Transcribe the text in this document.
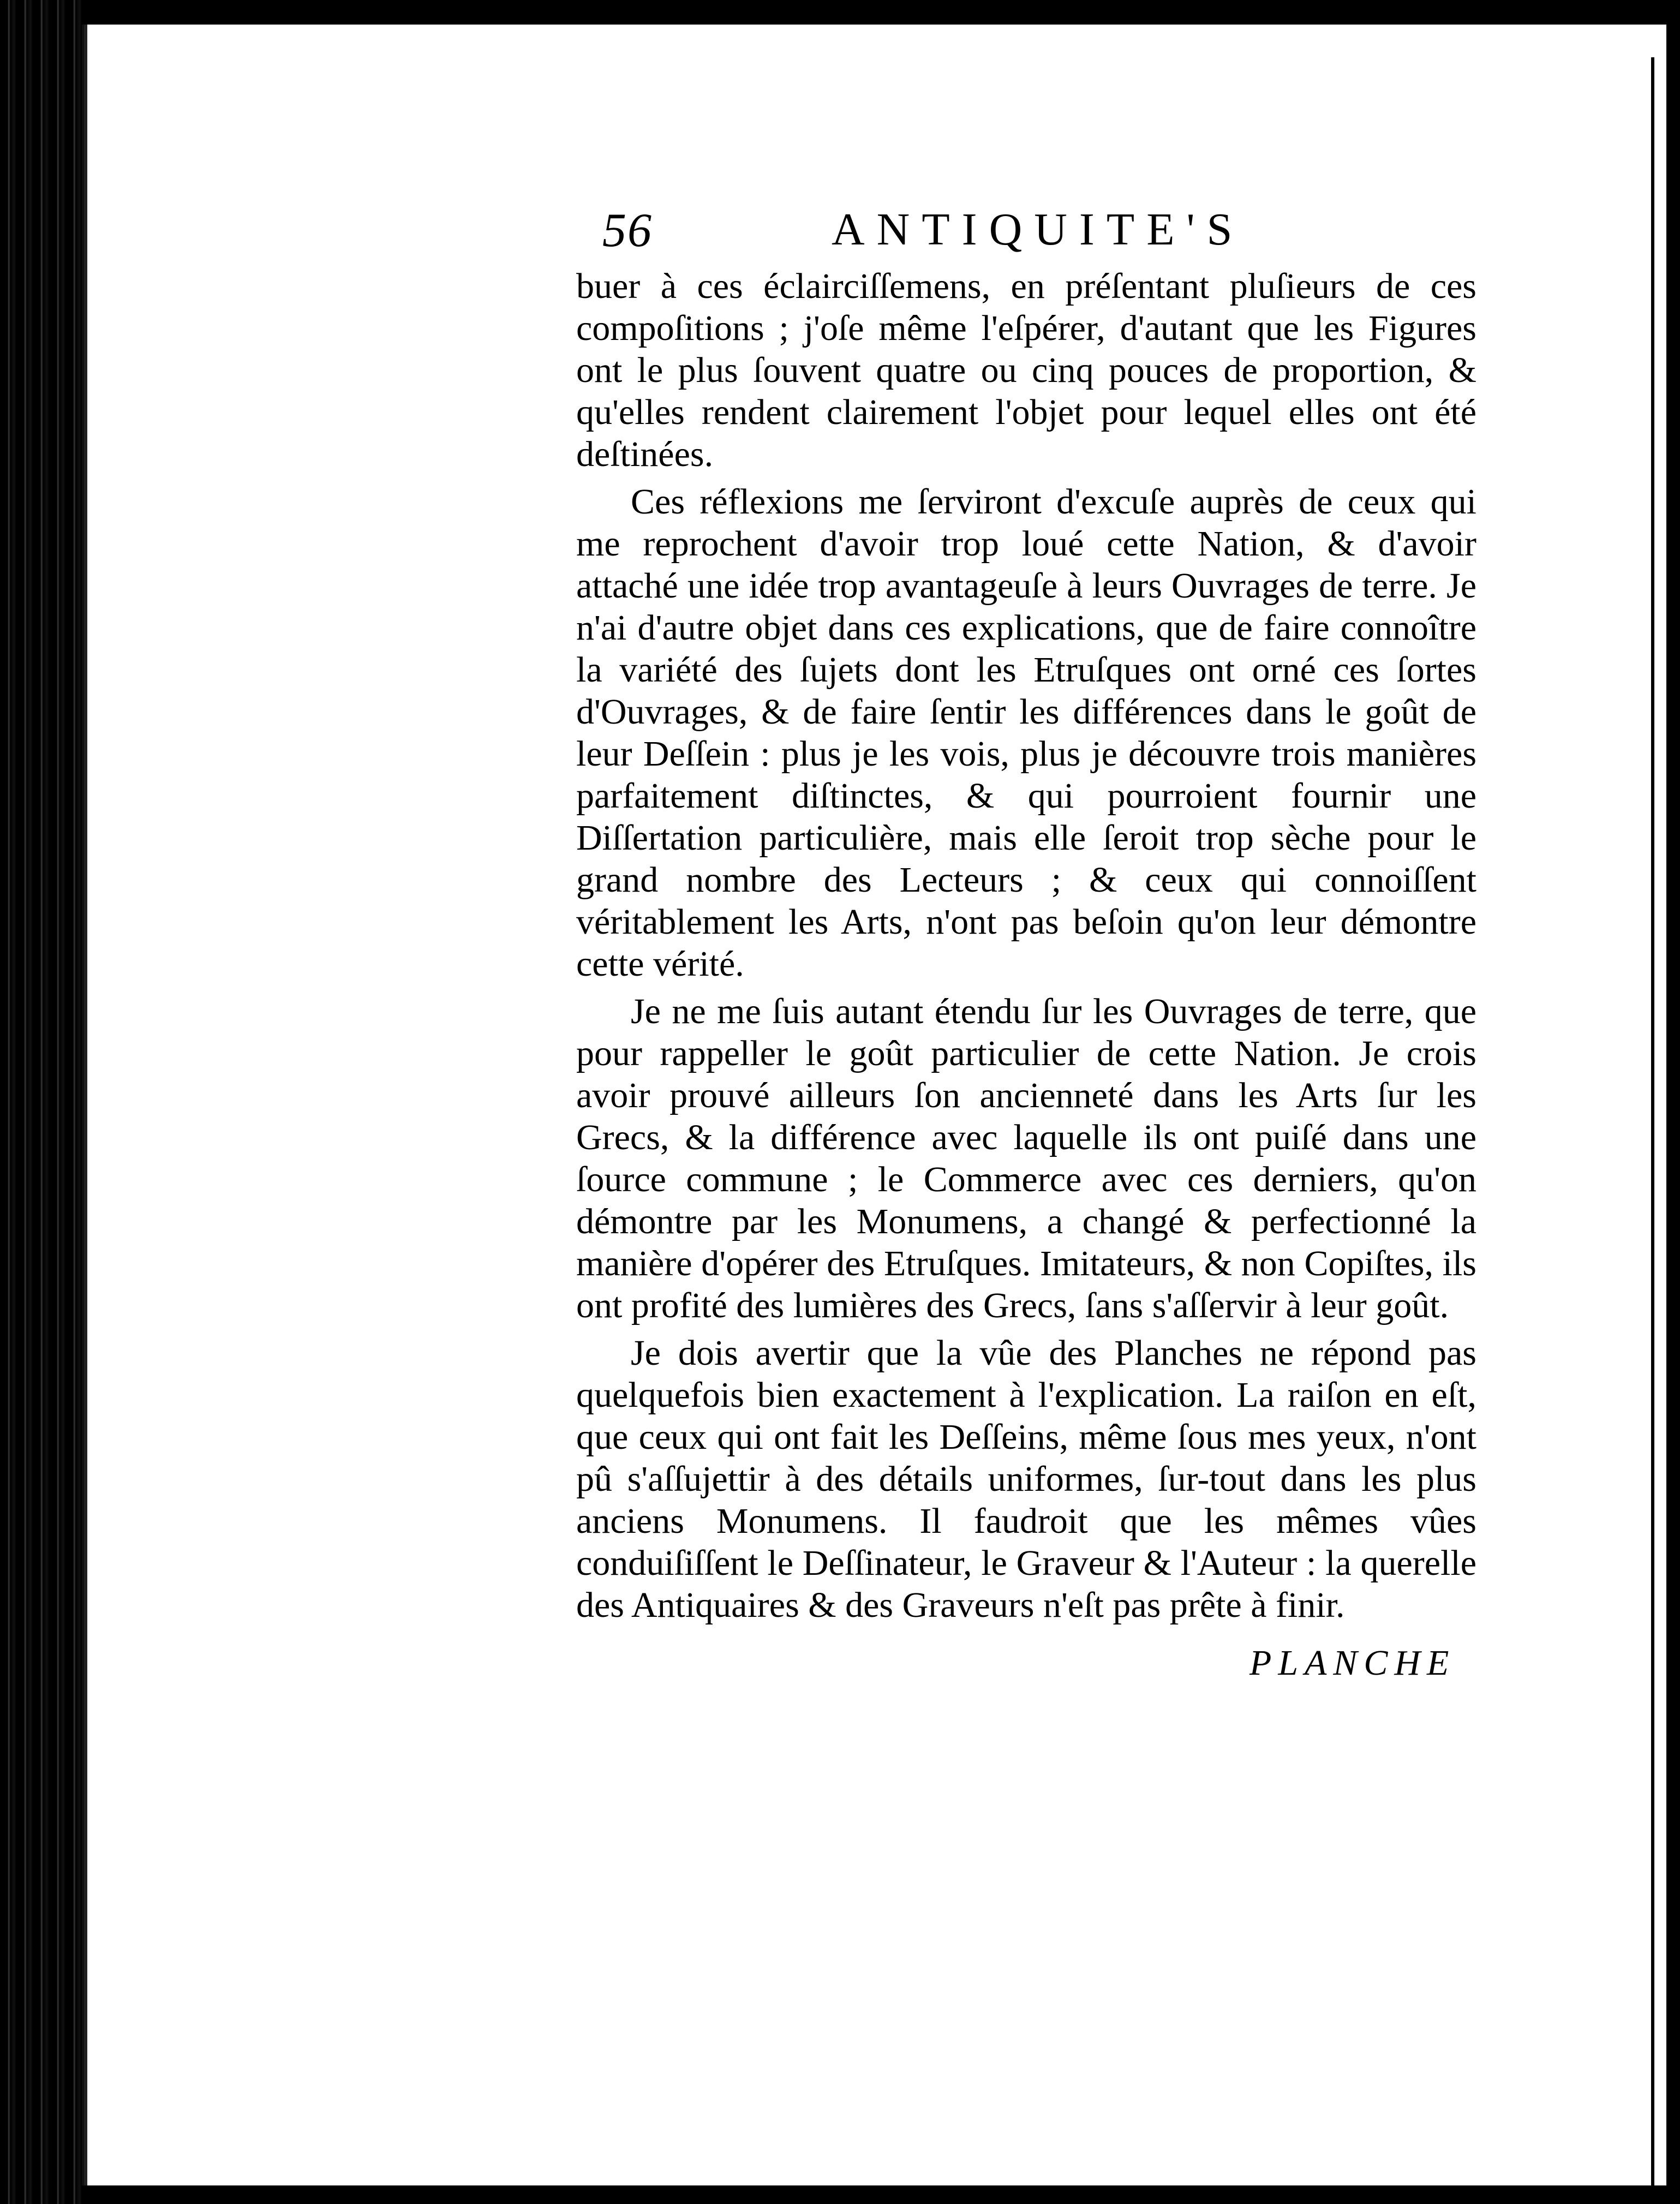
56	ANTIQUITE'S

buer à ces éclairciſſemens, en préſentant pluſieurs de ces compoſitions ; j'oſe même l'eſpérer, d'autant que les Figures ont le plus ſouvent quatre ou cinq pouces de proportion, & qu'elles rendent clairement l'objet pour lequel elles ont été deſtinées.

Ces réflexions me ſerviront d'excuſe auprès de ceux qui me reprochent d'avoir trop loué cette Nation, & d'avoir attaché une idée trop avantageuſe à leurs Ouvrages de terre. Je n'ai d'autre objet dans ces explications, que de faire connoître la variété des ſujets dont les Etruſques ont orné ces ſortes d'Ouvrages, & de faire ſentir les différences dans le goût de leur Deſſein : plus je les vois, plus je découvre trois manières parfaitement diſtinctes, & qui pourroient fournir une Diſſertation particulière, mais elle ſeroit trop sèche pour le grand nombre des Lecteurs ; & ceux qui connoiſſent véritablement les Arts, n'ont pas beſoin qu'on leur démontre cette vérité.

Je ne me ſuis autant étendu ſur les Ouvrages de terre, que pour rappeller le goût particulier de cette Nation. Je crois avoir prouvé ailleurs ſon ancienneté dans les Arts ſur les Grecs, & la différence avec laquelle ils ont puiſé dans une ſource commune ; le Commerce avec ces derniers, qu'on démontre par les Monumens, a changé & perfectionné la manière d'opérer des Etruſques. Imitateurs, & non Copiſtes, ils ont profité des lumières des Grecs, ſans s'aſſervir à leur goût.

Je dois avertir que la vûe des Planches ne répond pas quelquefois bien exactement à l'explication. La raiſon en eſt, que ceux qui ont fait les Deſſeins, même ſous mes yeux, n'ont pû s'aſſujettir à des détails uniformes, ſur-tout dans les plus anciens Monumens. Il faudroit que les mêmes vûes conduiſiſſent le Deſſinateur, le Graveur & l'Auteur : la querelle des Antiquaires & des Graveurs n'eſt pas prête à finir.

PLANCHE
